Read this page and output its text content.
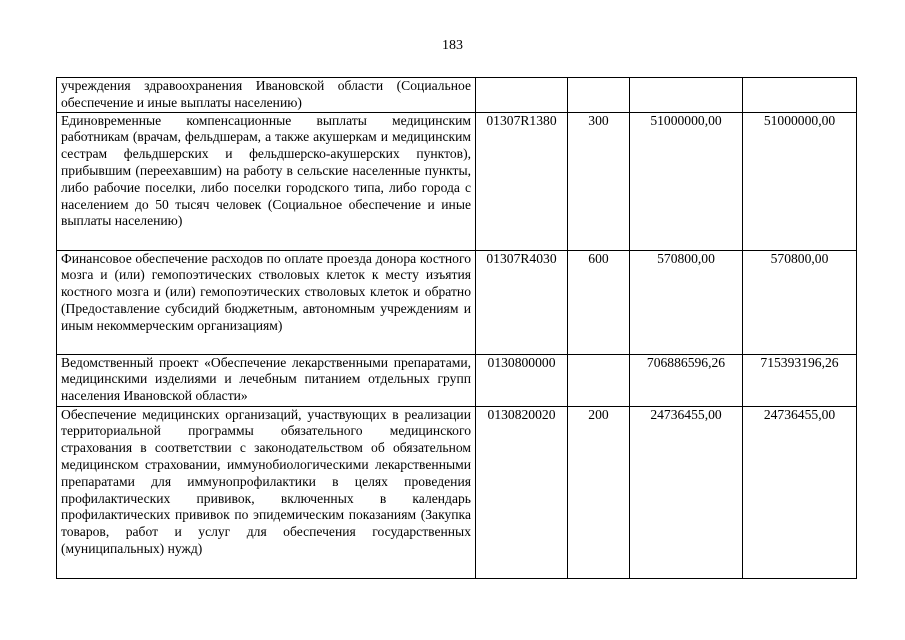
183
учреждения здравоохранения Ивановской области (Социальное обеспечение и иные выплаты населению)				
Единовременные компенсационные выплаты медицинским работникам (врачам, фельдшерам, а также акушеркам и медицинским сестрам фельдшерских и фельдшерско-акушерских пунктов), прибывшим (переехавшим) на работу в сельские населенные пункты, либо рабочие поселки, либо поселки городского типа, либо города с населением до 50 тысяч человек (Социальное обеспечение и иные выплаты населению)	01307R1380	300	51000000,00	51000000,00
Финансовое обеспечение расходов по оплате проезда донора костного мозга и (или) гемопоэтических стволовых клеток к месту изъятия костного мозга и (или) гемопоэтических стволовых клеток и обратно (Предоставление субсидий бюджетным, автономным учреждениям и иным некоммерческим организациям)	01307R4030	600	570800,00	570800,00
Ведомственный проект «Обеспечение лекарственными препаратами, медицинскими изделиями и лечебным питанием отдельных групп населения Ивановской области»	0130800000		706886596,26	715393196,26
Обеспечение медицинских организаций, участвующих в реализации территориальной программы обязательного медицинского страхования в соответствии с законодательством об обязательном медицинском страховании, иммунобиологическими лекарственными препаратами для иммунопрофилактики в целях проведения профилактических прививок, включенных в календарь профилактических прививок по эпидемическим показаниям (Закупка товаров, работ и услуг для обеспечения государственных (муниципальных) нужд)	0130820020	200	24736455,00	24736455,00
